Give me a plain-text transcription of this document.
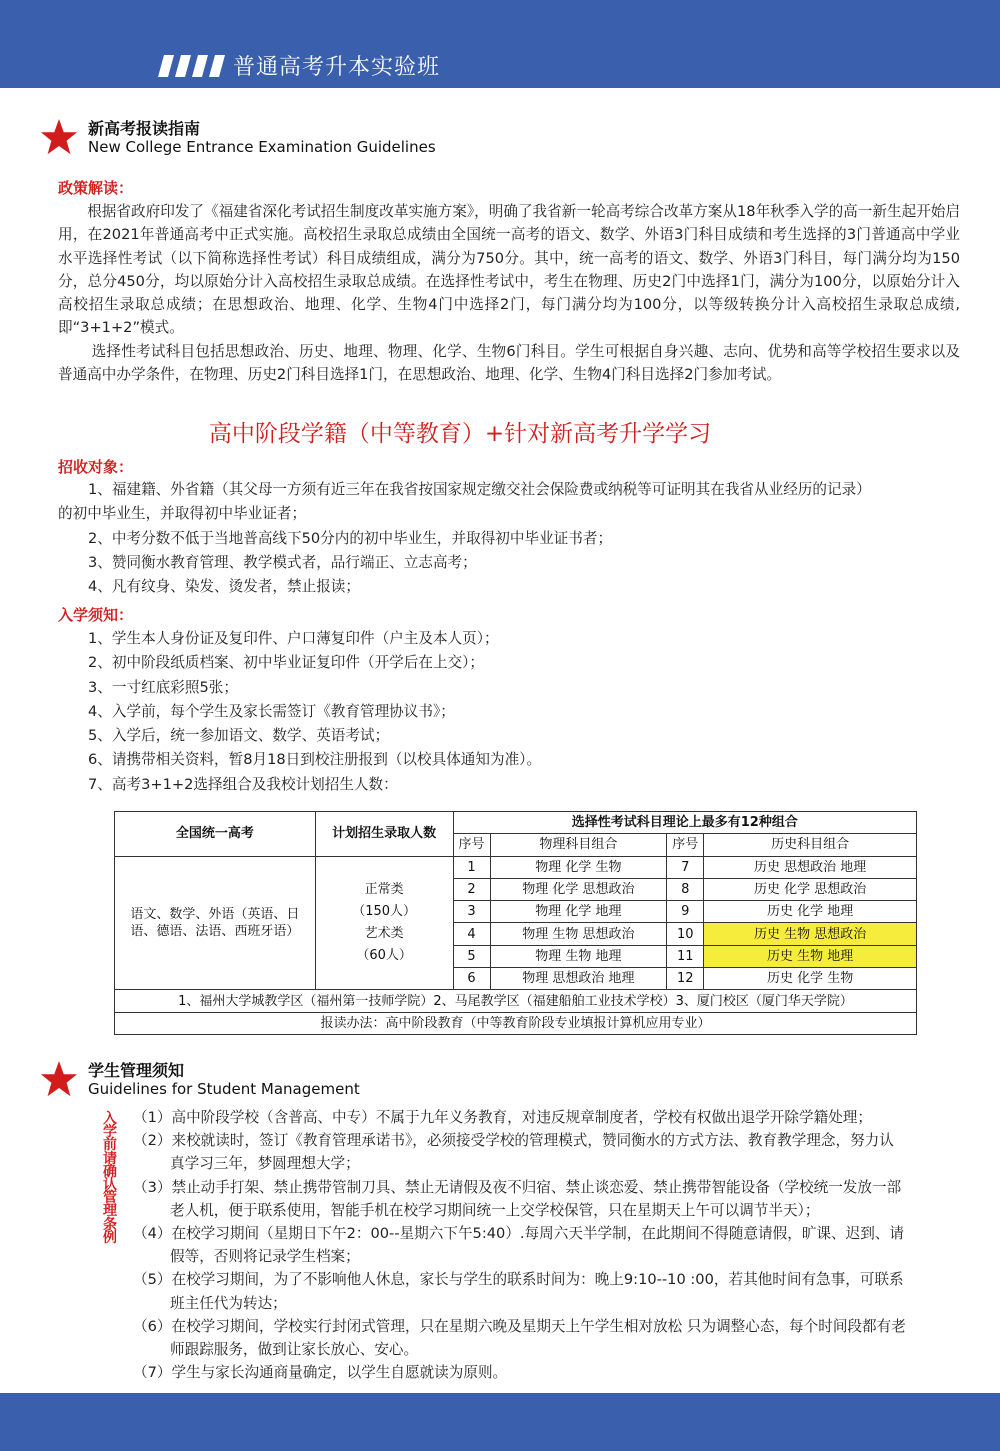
普通高考升本实验班
新高考报读指南
New College Entrance Examination Guidelines
政策解读：

根据省政府印发了《福建省深化考试招生制度改革实施方案》，明确了我省新一轮高考综合改革方案从18年秋季入学的高一新生起开始启用，在2021年普通高考中正式实施。高校招生录取总成绩由全国统一高考的语文、数学、外语3门科目成绩和考生选择的3门普通高中学业水平选择性考试（以下简称选择性考试）科目成绩组成，满分为750分。其中，统一高考的语文、数学、外语3门科目，每门满分均为150分，总分450分，均以原始分计入高校招生录取总成绩。在选择性考试中，考生在物理、历史2门中选择1门，满分为100分，以原始分计入高校招生录取总成绩；在思想政治、地理、化学、生物4门中选择2门，每门满分均为100分，以等级转换分计入高校招生录取总成绩,即“3+1+2”模式。

选择性考试科目包括思想政治、历史、地理、物理、化学、生物6门科目。学生可根据自身兴趣、志向、优势和高等学校招生要求以及普通高中办学条件，在物理、历史2门科目选择1门，在思想政治、地理、化学、生物4门科目选择2门参加考试。

高中阶段学籍（中等教育）+针对新高考升学学习
招收对象：
1、福建籍、外省籍（其父母一方须有近三年在我省按国家规定缴交社会保险费或纳税等可证明其在我省从业经历的记录）
的初中毕业生，并取得初中毕业证者；
2、中考分数不低于当地普高线下50分内的初中毕业生，并取得初中毕业证书者；
3、赞同衡水教育管理、教学模式者，品行端正、立志高考；
4、凡有纹身、染发、烫发者，禁止报读；
入学须知：
1、学生本人身份证及复印件、户口薄复印件（户主及本人页）；
2、初中阶段纸质档案、初中毕业证复印件（开学后在上交）；
3、一寸红底彩照5张；
4、入学前，每个学生及家长需签订《教育管理协议书》；
5、入学后，统一参加语文、数学、英语考试；
6、请携带相关资料，暂8月18日到校注册报到（以校具体通知为准）。
7、高考3+1+2选择组合及我校计划招生人数：
全国统一高考	计划招生录取人数	选择性考试科目理论上最多有12种组合			
		序号	物理科目组合	序号	历史科目组合
语文、数学、外语（英语、日语、德语、法语、西班牙语）	正常类
（150人）
艺术类
（60人）	1	物理 化学 生物	7	历史 思想政治 地理
		2	物理 化学 思想政治	8	历史 化学 思想政治
		3	物理 化学 地理	9	历史 化学 地理
		4	物理 生物 思想政治	10	历史 生物 思想政治
		5	物理 生物 地理	11	历史 生物 地理
		6	物理 思想政治 地理	12	历史 化学 生物
1、福州大学城教学区（福州第一技师学院）2、马尾教学区（福建船舶工业技术学校）3、厦门校区（厦门华天学院）					
报读办法：高中阶段教育（中等教育阶段专业填报计算机应用专业）					
学生管理须知
Guidelines for Student Management
入学前请确认管理条例
（1）高中阶段学校（含普高、中专）不属于九年义务教育，对违反规章制度者，学校有权做出退学开除学籍处理；
（2）来校就读时，签订《教育管理承诺书》，必须接受学校的管理模式，赞同衡水的方式方法、教育教学理念，努力认
真学习三年，梦圆理想大学；
（3）禁止动手打架、禁止携带管制刀具、禁止无请假及夜不归宿、禁止谈恋爱、禁止携带智能设备（学校统一发放一部
老人机，便于联系使用，智能手机在校学习期间统一上交学校保管，只在星期天上午可以调节半天）；
（4）在校学习期间（星期日下午2：00--星期六下午5:40）.每周六天半学制，在此期间不得随意请假，旷课、迟到、请
假等，否则将记录学生档案；
（5）在校学习期间，为了不影响他人休息，家长与学生的联系时间为：晚上9:10--10 :00，若其他时间有急事，可联系
班主任代为转达；
（6）在校学习期间，学校实行封闭式管理，只在星期六晚及星期天上午学生相对放松 只为调整心态，每个时间段都有老
师跟踪服务，做到让家长放心、安心。
（7）学生与家长沟通商量确定，以学生自愿就读为原则。
